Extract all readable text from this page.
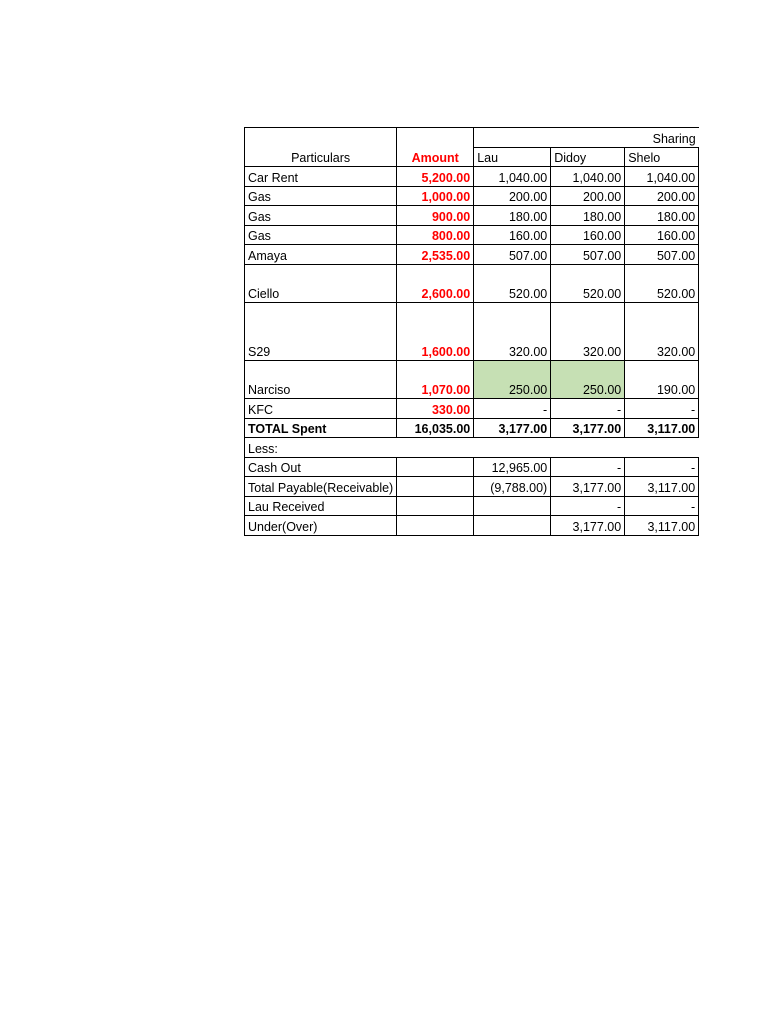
				Sharing
Particulars	Amount	Lau	Didoy	Shelo
Car Rent	5,200.00	1,040.00	1,040.00	1,040.00
Gas	1,000.00	200.00	200.00	200.00
Gas	900.00	180.00	180.00	180.00
Gas	800.00	160.00	160.00	160.00
Amaya	2,535.00	507.00	507.00	507.00
Ciello	2,600.00	520.00	520.00	520.00
S29	1,600.00	320.00	320.00	320.00
Narciso	1,070.00	250.00	250.00	190.00
KFC	330.00	-	-	-
TOTAL Spent	16,035.00	3,177.00	3,177.00	3,117.00
Less:				
Cash Out		12,965.00	-	-
Total Payable(Receivable)		(9,788.00)	3,177.00	3,117.00
Lau Received			-	-
Under(Over)			3,177.00	3,117.00
